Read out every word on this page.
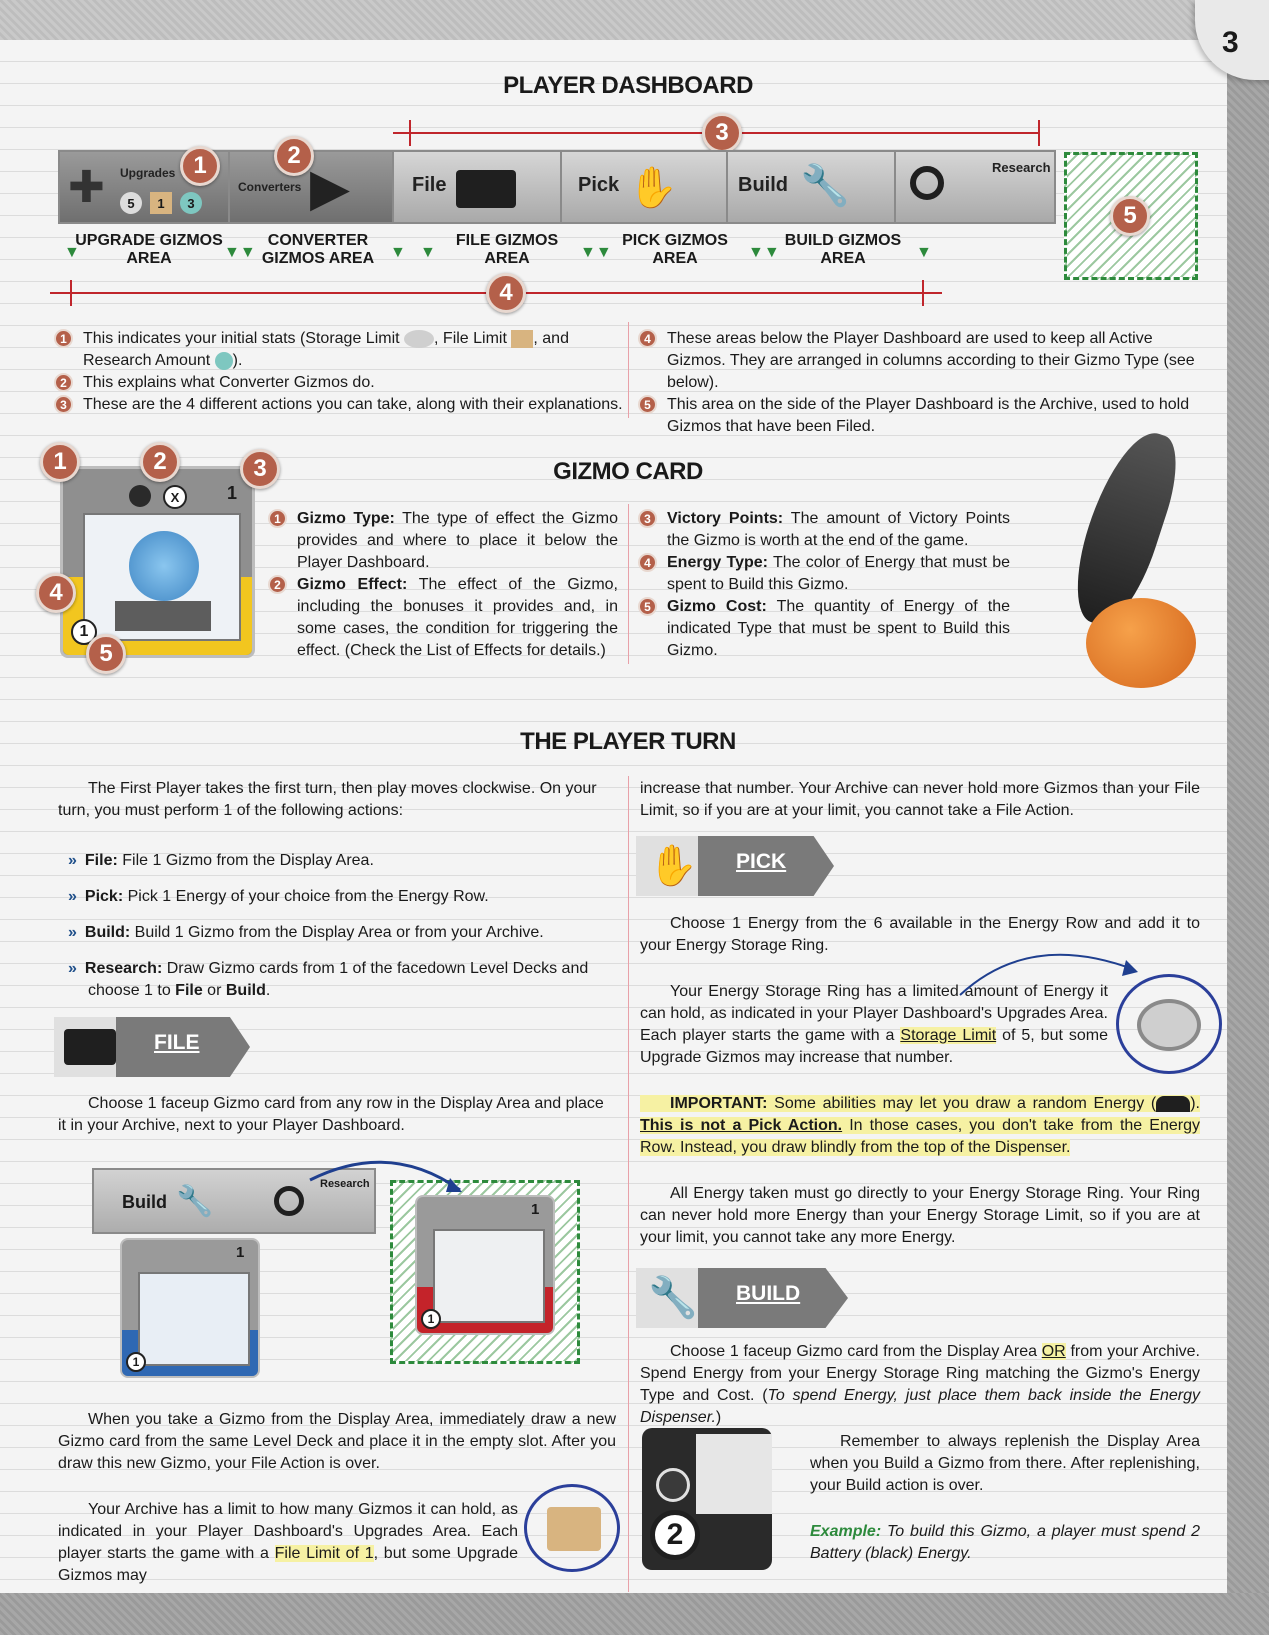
3
PLAYER DASHBOARD
3
✚ Upgrades
5	1	3
Converters ▶	File	Pick ✋	Build 🔧	Research
1	2
5
UPGRADE GIZMOS AREA
CONVERTER GIZMOS AREA
FILE GIZMOS AREA
PICK GIZMOS AREA
BUILD GIZMOS AREA
▼	▼▼	▼ ▼	▼▼	▼▼	▼
4
1	This indicates your initial stats (Storage Limit , File Limit , and Research Amount ).
2	This explains what Converter Gizmos do.
3	These are the 4 different actions you can take, along with their explanations.
4	These areas below the Player Dashboard are used to keep all Active Gizmos. They are arranged in columns according to their Gizmo Type (see below).
5	This area on the side of the Player Dashboard is the Archive, used to hold Gizmos that have been Filed.
GIZMO CARD
X	1
1
1	2	3
4
5
1	Gizmo Type: The type of effect the Gizmo provides and where to place it below the Player Dashboard.
2	Gizmo Effect: The effect of the Gizmo, including the bonuses it provides and, in some cases, the condition for triggering the effect. (Check the List of Effects for details.)
3	Victory Points: The amount of Victory Points the Gizmo is worth at the end of the game.
4	Energy Type: The color of Energy that must be spent to Build this Gizmo.
5	Gizmo Cost: The quantity of Energy of the indicated Type that must be spent to Build this Gizmo.
THE PLAYER TURN
The First Player takes the first turn, then play moves clockwise. On your turn, you must perform 1 of the following actions:
» File: File 1 Gizmo from the Display Area.
» Pick: Pick 1 Energy of your choice from the Energy Row.
» Build: Build 1 Gizmo from the Display Area or from your Archive.
» Research: Draw Gizmo cards from 1 of the facedown Level Decks and choose 1 to File or Build.
FILE
Choose 1 faceup Gizmo card from any row in the Display Area and place it in your Archive, next to your Player Dashboard.
Build 🔧
Research
1
1
1
1
When you take a Gizmo from the Display Area, immediately draw a new Gizmo card from the same Level Deck and place it in the empty slot. After you draw this new Gizmo, your File Action is over.
Your Archive has a limit to how many Gizmos it can hold, as indicated in your Player Dashboard's Upgrades Area. Each player starts the game with a File Limit of 1, but some Upgrade Gizmos may
increase that number. Your Archive can never hold more Gizmos than your File Limit, so if you are at your limit, you cannot take a File Action.
✋ PICK
Choose 1 Energy from the 6 available in the Energy Row and add it to your Energy Storage Ring.
Your Energy Storage Ring has a limited amount of Energy it can hold, as indicated in your Player Dashboard's Upgrades Area. Each player starts the game with a Storage Limit of 5, but some Upgrade Gizmos may increase that number.
IMPORTANT: Some abilities may let you draw a random Energy ( ). This is not a Pick Action. In those cases, you don't take from the Energy Row. Instead, you draw blindly from the top of the Dispenser.
All Energy taken must go directly to your Energy Storage Ring. Your Ring can never hold more Energy than your Energy Storage Limit, so if you are at your limit, you cannot take any more Energy.
🔧 BUILD
Choose 1 faceup Gizmo card from the Display Area OR from your Archive. Spend Energy from your Energy Storage Ring matching the Gizmo's Energy Type and Cost. (To spend Energy, just place them back inside the Energy Dispenser.)
2
Remember to always replenish the Display Area when you Build a Gizmo from there. After replenishing, your Build action is over.
Example: To build this Gizmo, a player must spend 2 Battery (black) Energy.
